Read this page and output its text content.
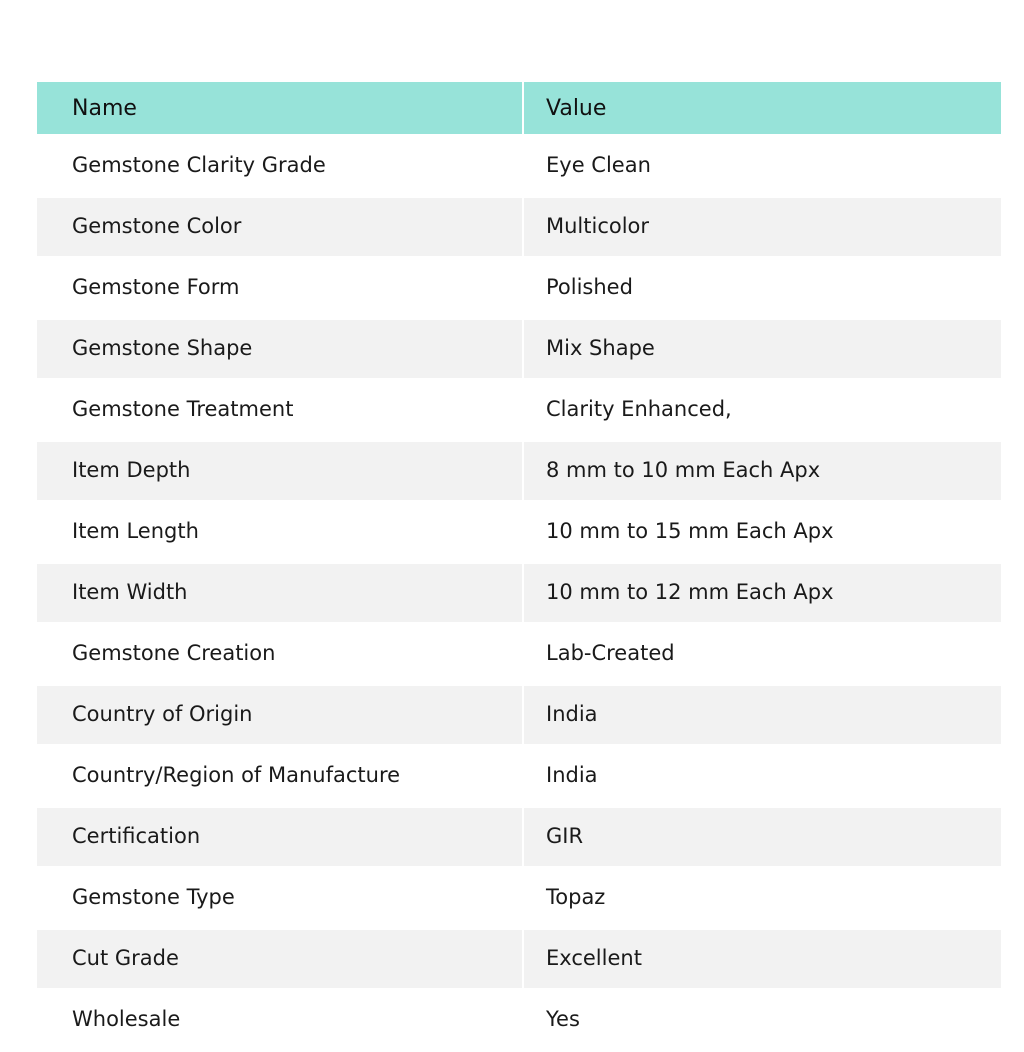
Name	Value
Gemstone Clarity Grade	Eye Clean
Gemstone Color	Multicolor
Gemstone Form	Polished
Gemstone Shape	Mix Shape
Gemstone Treatment	Clarity Enhanced,
Item Depth	8 mm to 10 mm Each Apx
Item Length	10 mm to 15 mm Each Apx
Item Width	10 mm to 12 mm Each Apx
Gemstone Creation	Lab-Created
Country of Origin	India
Country/Region of Manufacture	India
Certification	GIR
Gemstone Type	Topaz
Cut Grade	Excellent
Wholesale	Yes
